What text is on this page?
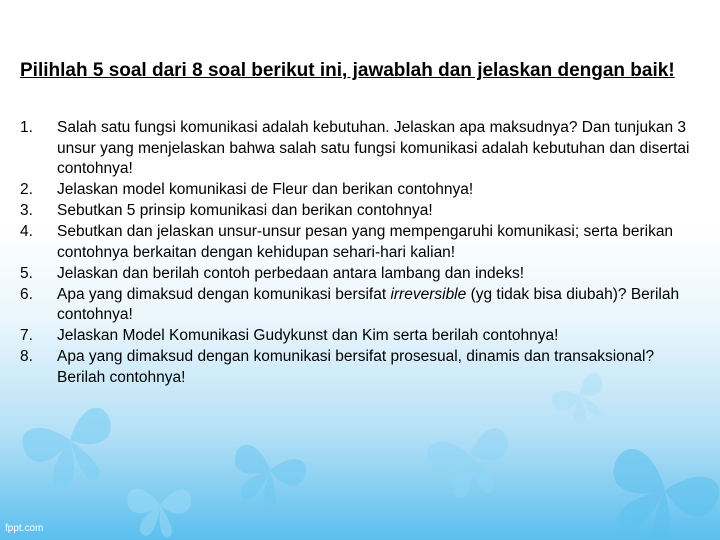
Pilihlah 5 soal dari 8 soal berikut ini, jawablah dan jelaskan dengan baik!
1. Salah satu fungsi komunikasi adalah kebutuhan. Jelaskan apa maksudnya? Dan tunjukan 3 unsur yang menjelaskan bahwa salah satu fungsi komunikasi adalah kebutuhan dan disertai contohnya!
2. Jelaskan model komunikasi de Fleur dan berikan contohnya!
3. Sebutkan 5 prinsip komunikasi dan berikan contohnya!
4. Sebutkan dan jelaskan unsur-unsur pesan yang mempengaruhi komunikasi; serta berikan contohnya berkaitan dengan kehidupan sehari-hari kalian!
5. Jelaskan dan berilah contoh perbedaan antara lambang dan indeks!
6. Apa yang dimaksud dengan komunikasi bersifat irreversible (yg tidak bisa diubah)? Berilah contohnya!
7. Jelaskan Model Komunikasi Gudykunst dan Kim serta berilah contohnya!
8. Apa yang dimaksud dengan komunikasi bersifat prosesual, dinamis dan transaksional? Berilah contohnya!
fppt.com
